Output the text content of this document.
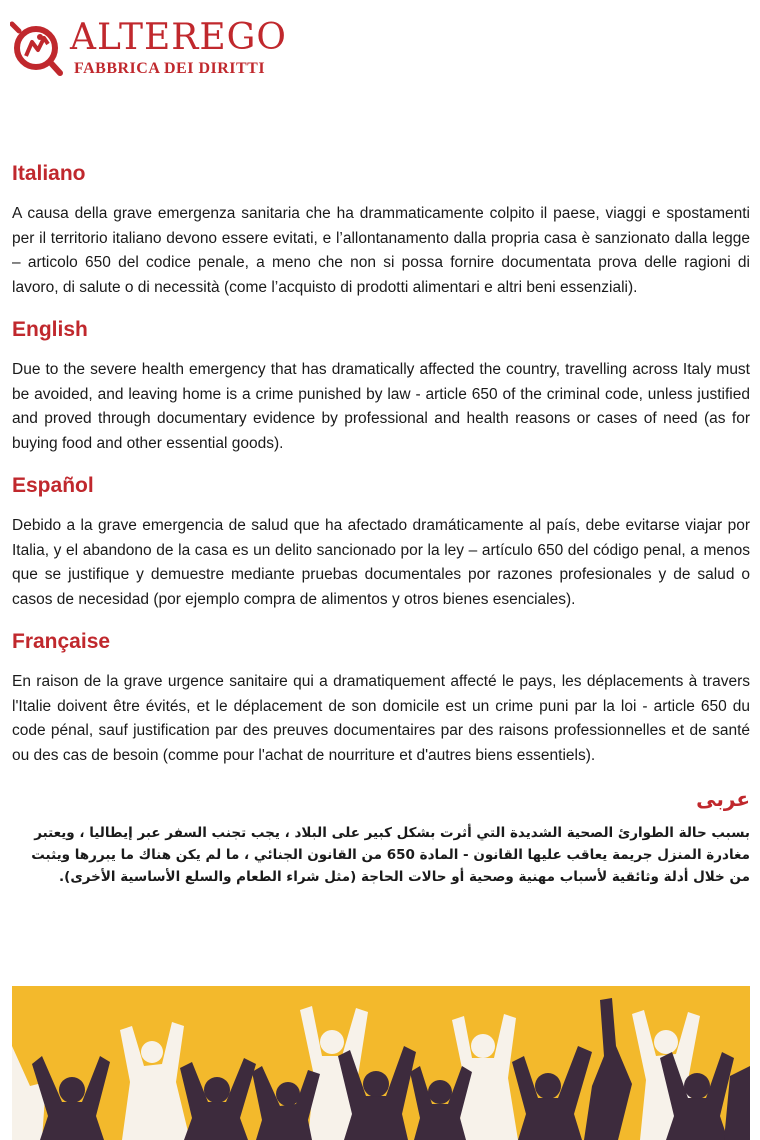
ALTEREGO
FABBRICA DEI DIRITTI
Italiano

A causa della grave emergenza sanitaria che ha drammaticamente colpito il paese, viaggi e spostamenti per il territorio italiano devono essere evitati, e l’allontanamento dalla propria casa è sanzionato dalla legge – articolo 650 del codice penale, a meno che non si possa fornire documentata prova delle ragioni di lavoro, di salute o di necessità (come l’acquisto di prodotti alimentari e altri beni essenziali).

English

Due to the severe health emergency that has dramatically affected the country, travelling across Italy must be avoided, and leaving home is a crime punished by law - article 650 of the criminal code, unless justified and proved through documentary evidence by professional and health reasons or cases of need (as for buying food and other essential goods).

Español

Debido a la grave emergencia de salud que ha afectado dramáticamente al país, debe evitarse viajar por Italia, y el abandono de la casa es un delito sancionado por la ley – artículo 650 del código penal, a menos que se justifique y demuestre mediante pruebas documentales por razones profesionales y de salud o casos de necesidad (por ejemplo compra de alimentos y otros bienes esenciales).

Française

En raison de la grave urgence sanitaire qui a dramatiquement affecté le pays, les déplacements à travers l'Italie doivent être évités, et le déplacement de son domicile est un crime puni par la loi - article 650 du code pénal, sauf justification par des preuves documentaires par des raisons professionnelles et de santé ou des cas de besoin (comme pour l'achat de nourriture et d'autres biens essentiels).

عربى

بسبب حالة الطوارئ الصحية الشديدة التي أثرت بشكل كبير على البلاد ، يجب تجنب السفر عبر إيطاليا ، ويعتبر مغادرة المنزل جريمة يعاقب عليها القانون - المادة 650 من القانون الجنائي ، ما لم يكن هناك ما يبررها ويثبت من خلال أدلة وثائقية لأسباب مهنية وصحية أو حالات الحاجة (مثل شراء الطعام والسلع الأساسية الأخرى).
